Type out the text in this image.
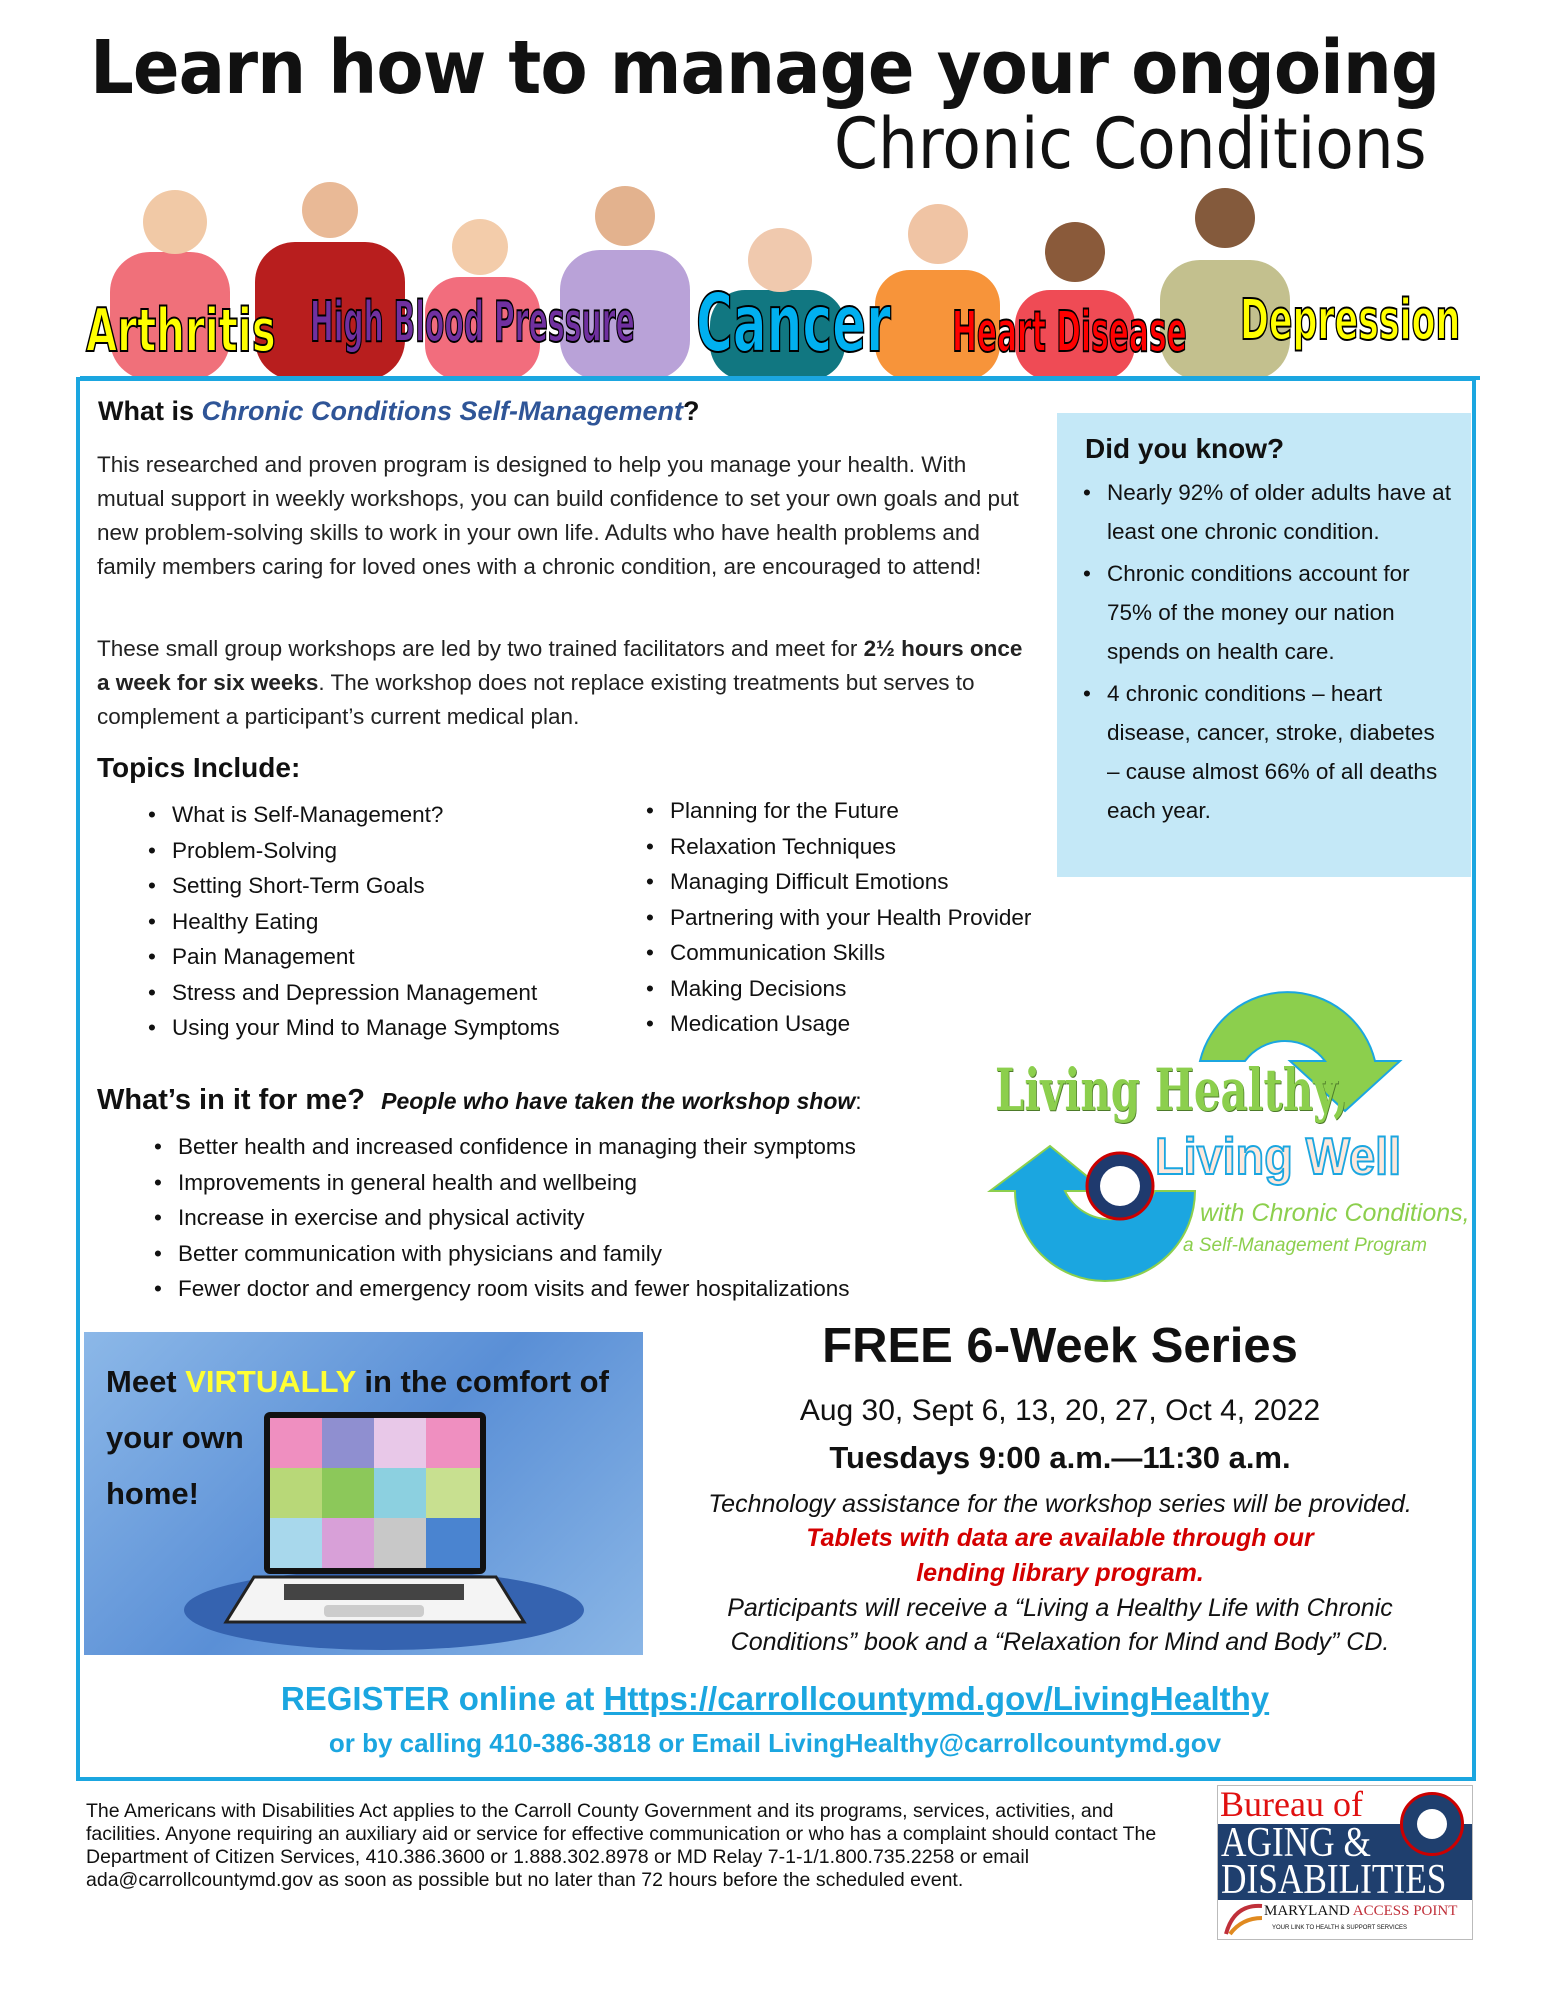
Learn how to manage your ongoing
Chronic Conditions
Arthritis High Blood Pressure Cancer Heart Disease Depression
What is Chronic Conditions Self-Management?

This researched and proven program is designed to help you manage your health. With mutual support in weekly workshops, you can build confidence to set your own goals and put new problem-solving skills to work in your own life. Adults who have health problems and family members caring for loved ones with a chronic condition, are encouraged to attend!

These small group workshops are led by two trained facilitators and meet for 2½ hours once a week for six weeks. The workshop does not replace existing treatments but serves to complement a participant’s current medical plan.

Did you know?
• Nearly 92% of older adults have at least one chronic condition.
• Chronic conditions account for 75% of the money our nation spends on health care.
• 4 chronic conditions – heart disease, cancer, stroke, diabetes – cause almost 66% of all deaths each year.
Topics Include:
• What is Self-Management?
• Problem-Solving
• Setting Short-Term Goals
• Healthy Eating
• Pain Management
• Stress and Depression Management
• Using your Mind to Manage Symptoms
• Planning for the Future
• Relaxation Techniques
• Managing Difficult Emotions
• Partnering with your Health Provider
• Communication Skills
• Making Decisions
• Medication Usage
What’s in it for me? People who have taken the workshop show:
• Better health and increased confidence in managing their symptoms
• Improvements in general health and wellbeing
• Increase in exercise and physical activity
• Better communication with physicians and family
• Fewer doctor and emergency room visits and fewer hospitalizations
Living Healthy,
Living Well
with Chronic Conditions,
a Self-Management Program
Meet VIRTUALLY in the comfort of
your own
home!
FREE 6-Week Series
Aug 30, Sept 6, 13, 20, 27, Oct 4, 2022
Tuesdays 9:00 a.m.—11:30 a.m.
Technology assistance for the workshop series will be provided.
Tablets with data are available through our
lending library program.
Participants will receive a “Living a Healthy Life with Chronic
Conditions” book and a “Relaxation for Mind and Body” CD.
REGISTER online at Https://carrollcountymd.gov/LivingHealthy
or by calling 410-386-3818 or Email LivingHealthy@carrollcountymd.gov

The Americans with Disabilities Act applies to the Carroll County Government and its programs, services, activities, and facilities. Anyone requiring an auxiliary aid or service for effective communication or who has a complaint should contact The Department of Citizen Services, 410.386.3600 or 1.888.302.8978 or MD Relay 7-1-1/1.800.735.2258 or email ada@carrollcountymd.gov as soon as possible but no later than 72 hours before the scheduled event.

Bureau of
AGING &
DISABILITIES
MARYLAND ACCESS POINT
YOUR LINK TO HEALTH & SUPPORT SERVICES
